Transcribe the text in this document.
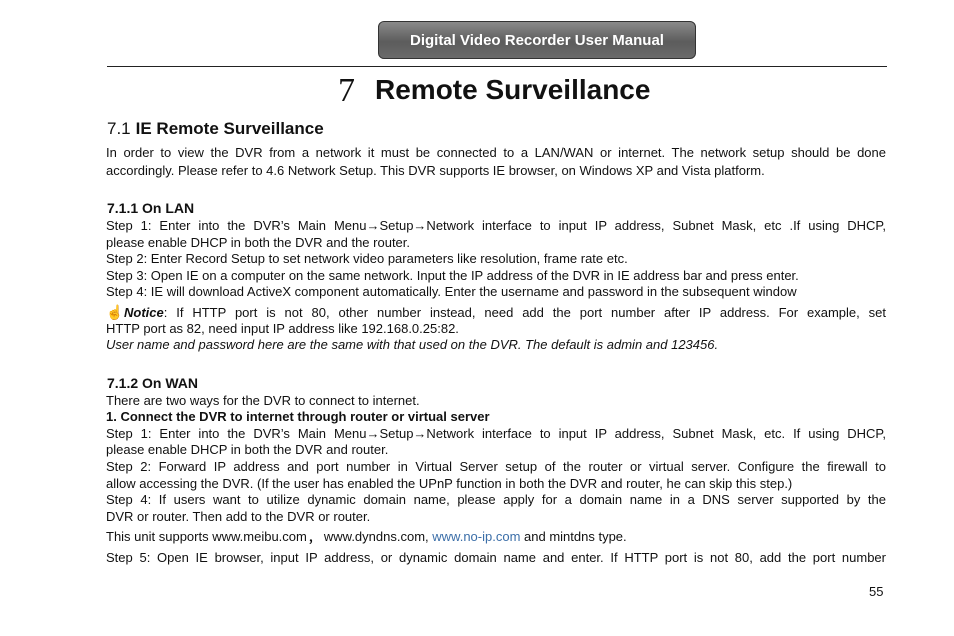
Digital Video Recorder User Manual
7 Remote Surveillance
7.1 IE Remote Surveillance
In order to view the DVR from a network it must be connected to a LAN/WAN or internet. The network setup should be done
accordingly. Please refer to 4.6 Network Setup. This DVR supports IE browser, on Windows XP and Vista platform.
7.1.1 On LAN
Step 1: Enter into the DVR’s Main Menu→Setup→Network interface to input IP address, Subnet Mask, etc .If using DHCP,
please enable DHCP in both the DVR and the router.
Step 2: Enter Record Setup to set network video parameters like resolution, frame rate etc.
Step 3: Open IE on a computer on the same network. Input the IP address of the DVR in IE address bar and press enter.
Step 4: IE will download ActiveX component automatically. Enter the username and password in the subsequent window
☝Notice: If HTTP port is not 80, other number instead, need add the port number after IP address. For example, set
HTTP port as 82, need input IP address like 192.168.0.25:82.
User name and password here are the same with that used on the DVR. The default is admin and 123456.
7.1.2 On WAN
There are two ways for the DVR to connect to internet.
1. Connect the DVR to internet through router or virtual server
Step 1: Enter into the DVR’s Main Menu→Setup→Network interface to input IP address, Subnet Mask, etc. If using DHCP,
please enable DHCP in both the DVR and router.
Step 2: Forward IP address and port number in Virtual Server setup of the router or virtual server. Configure the firewall to
allow accessing the DVR. (If the user has enabled the UPnP function in both the DVR and router, he can skip this step.)
Step 4: If users want to utilize dynamic domain name, please apply for a domain name in a DNS server supported by the
DVR or router. Then add to the DVR or router.
This unit supports www.meibu.com ， www.dyndns.com, www.no-ip.com and mintdns type.
Step 5: Open IE browser, input IP address, or dynamic domain name and enter. If HTTP port is not 80, add the port number
55
